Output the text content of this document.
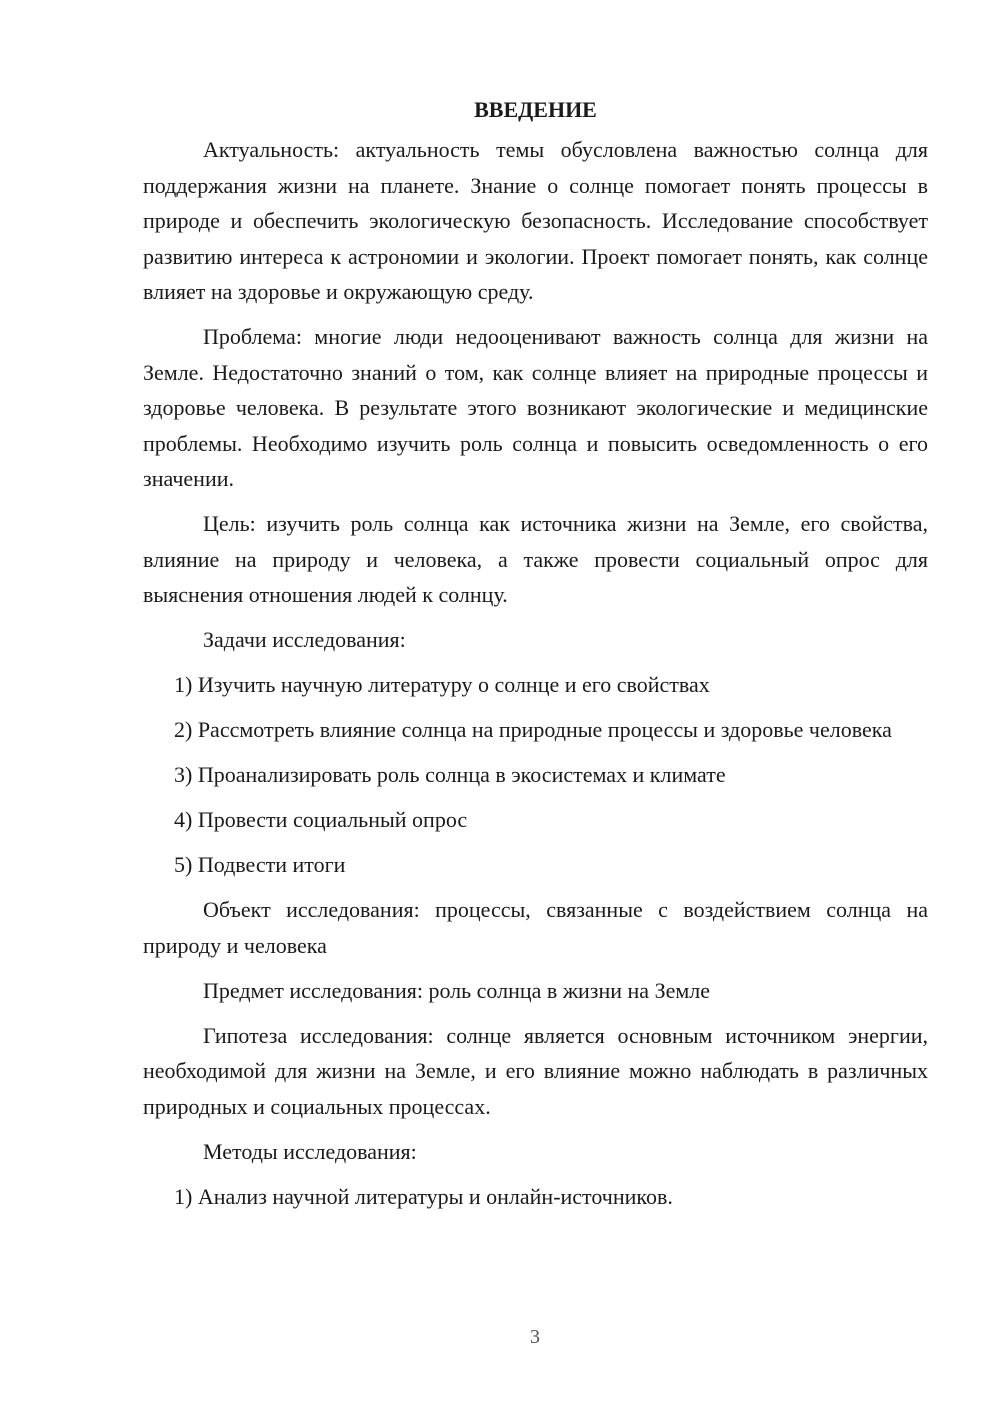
ВВЕДЕНИЕ

Актуальность: актуальность темы обусловлена важностью солнца для поддержания жизни на планете. Знание о солнце помогает понять процессы в природе и обеспечить экологическую безопасность. Исследование способствует развитию интереса к астрономии и экологии. Проект помогает понять, как солнце влияет на здоровье и окружающую среду.

Проблема: многие люди недооценивают важность солнца для жизни на Земле. Недостаточно знаний о том, как солнце влияет на природные процессы и здоровье человека. В результате этого возникают экологические и медицинские проблемы. Необходимо изучить роль солнца и повысить осведомленность о его значении.

Цель: изучить роль солнца как источника жизни на Земле, его свойства, влияние на природу и человека, а также провести социальный опрос для выяснения отношения людей к солнцу.

Задачи исследования:

1) Изучить научную литературу о солнце и его свойствах

2) Рассмотреть влияние солнца на природные процессы и здоровье человека

3) Проанализировать роль солнца в экосистемах и климате

4) Провести социальный опрос

5) Подвести итоги

Объект исследования: процессы, связанные с воздействием солнца на природу и человека

Предмет исследования: роль солнца в жизни на Земле

Гипотеза исследования: солнце является основным источником энергии, необходимой для жизни на Земле, и его влияние можно наблюдать в различных природных и социальных процессах.

Методы исследования:

1) Анализ научной литературы и онлайн-источников.

3
